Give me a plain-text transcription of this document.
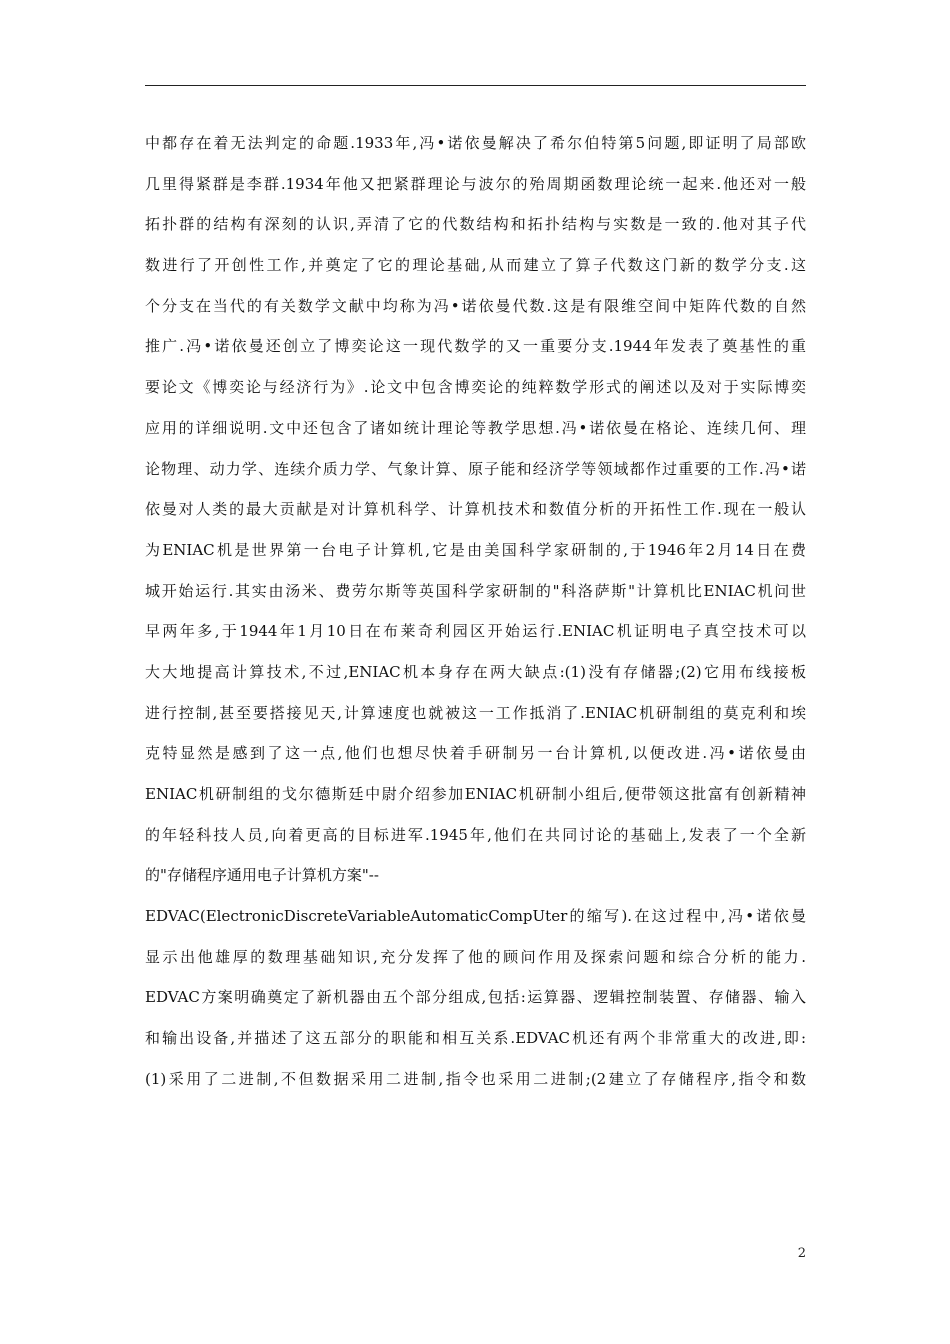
中都存在着无法判定的命题.1933年,冯•诺依曼解决了希尔伯特第5问题,即证明了局部欧
几里得紧群是李群.1934年他又把紧群理论与波尔的殆周期函数理论统一起来.他还对一般
拓扑群的结构有深刻的认识,弄清了它的代数结构和拓扑结构与实数是一致的.他对其子代
数进行了开创性工作,并奠定了它的理论基础,从而建立了算子代数这门新的数学分支.这
个分支在当代的有关数学文献中均称为冯•诺依曼代数.这是有限维空间中矩阵代数的自然
推广.冯•诺依曼还创立了博奕论这一现代数学的又一重要分支.1944年发表了奠基性的重
要论文《博奕论与经济行为》.论文中包含博奕论的纯粹数学形式的阐述以及对于实际博奕
应用的详细说明.文中还包含了诸如统计理论等教学思想.冯•诺依曼在格论、连续几何、理
论物理、动力学、连续介质力学、气象计算、原子能和经济学等领域都作过重要的工作.冯•诺
依曼对人类的最大贡献是对计算机科学、计算机技术和数值分析的开拓性工作.现在一般认
为ENIAC机是世界第一台电子计算机,它是由美国科学家研制的,于1946年2月14日在费
城开始运行.其实由汤米、费劳尔斯等英国科学家研制的"科洛萨斯"计算机比ENIAC机问世
早两年多,于1944年1月10日在布莱奇利园区开始运行.ENIAC机证明电子真空技术可以
大大地提高计算技术,不过,ENIAC机本身存在两大缺点:(1)没有存储器;(2)它用布线接板
进行控制,甚至要搭接见天,计算速度也就被这一工作抵消了.ENIAC机研制组的莫克利和埃
克特显然是感到了这一点,他们也想尽快着手研制另一台计算机,以便改进.冯•诺依曼由
ENIAC机研制组的戈尔德斯廷中尉介绍参加ENIAC机研制小组后,便带领这批富有创新精神
的年轻科技人员,向着更高的目标进军.1945年,他们在共同讨论的基础上,发表了一个全新
的"存储程序通用电子计算机方案"--
EDVAC(ElectronicDiscreteVariableAutomaticCompUter的缩写).在这过程中,冯•诺依曼
显示出他雄厚的数理基础知识,充分发挥了他的顾问作用及探索问题和综合分析的能力.
EDVAC方案明确奠定了新机器由五个部分组成,包括:运算器、逻辑控制装置、存储器、输入
和输出设备,并描述了这五部分的职能和相互关系.EDVAC机还有两个非常重大的改进,即:
(1)采用了二进制,不但数据采用二进制,指令也采用二进制;(2建立了存储程序,指令和数
2
